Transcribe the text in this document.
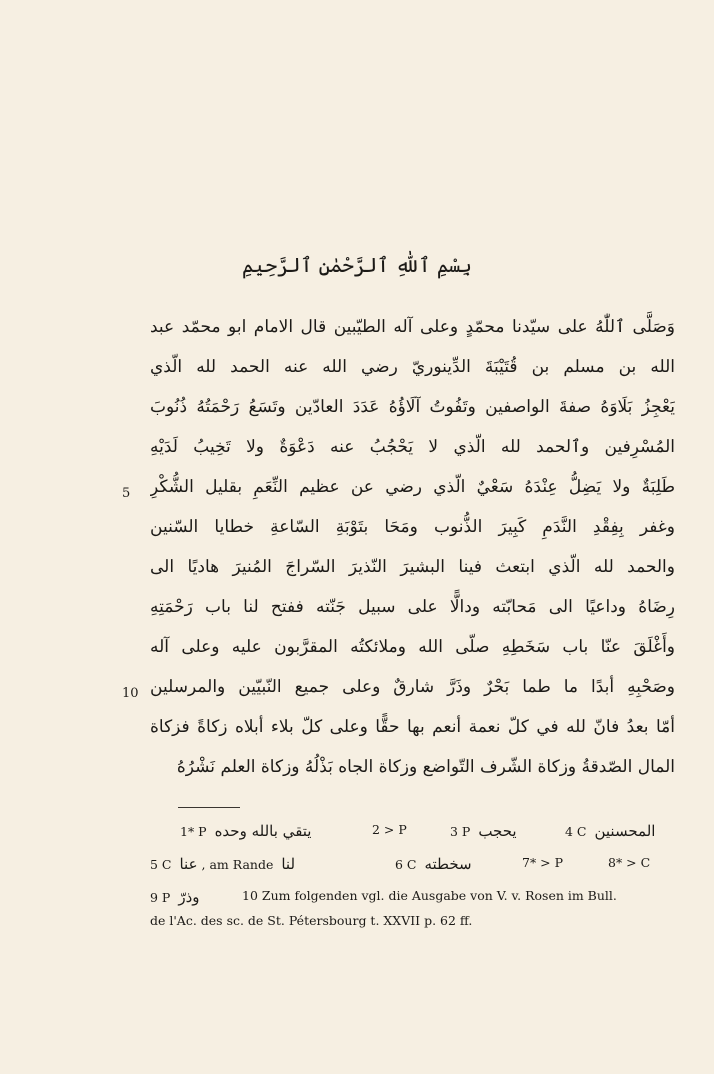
بِسْمِ ٱللّٰهِ ٱلرَّحْمٰنِ ٱلرَّحِيمِ
وَصَلَّى ٱللّٰهُ على سيّدنا محمّدٍ وعلى آله الطيّبين قال الامام ابو محمّد عبد
الله بن مسلم بن قُتَيْبَةَ الدِّينوريّ رضي الله عنه الحمد لله الّذي
يَعْجِزُ بَلَاوَهُ صفةَ الواصفين وتَفُوتُ آلَاؤُهُ عَدَدَ العادّين وتَسَعُ رَحْمَتُهُ ذُنُوبَ
المُسْرِفين وٱلحمد لله الّذي لا يَحْجُبُ عنه دَعْوَةٌ ولا تَخِيبُ لَدَيْهِ
طَلِبَةٌ ولا يَضِلُّ عِنْدَهُ سَعْيٌ الّذي رضي عن عظيم النِّعَمِ بقليل الشُّكْرِ
وغفر بِفِقْدِ النَّدَمِ كَبِيرَ الذُّنوب ومَحَا بتَوْبَةِ السّاعةِ خطايا السّنين
والحمد لله الّذي ابتعث فينا البشيرَ النّذيرَ السّراجَ المُنيرَ هاديًا الى
رِضَاهُ وداعيًا الى مَحابّته ودالًّا على سبيل جَنّته ففتح لنا باب رَحْمَتِهِ
وأَغْلَقَ عنّا باب سَخَطِهِ صلّى الله وملائكتُه المقرَّبون عليه وعلى آله
وصَحْبِهِ أبدًا ما طما بَحْرٌ وذَرَّ شارقٌ وعلى جميع النّبيّين والمرسلين
أمّا بعدُ فانّ لله في كلّ نعمة أنعم بها حقًّا وعلى كلّ بلاء أبلاه زكاةً فزكاة
المال الصّدقةُ وزكاة الشّرف التّواضع وزكاة الجاه بَذْلُهُ وزكاة العلم نَشْرُهُ
5
10
1* P يتقي بالله وحده	2 > P	3 P يحجب	4 C المحسنين
5 C عنا , am Rande لنا	6 C سخطته	7* > P	8* > C
9 P وذرّ	10 Zum folgenden vgl. die Ausgabe von V. v. Rosen im Bull.
de l'Ac. des sc. de St. Pétersbourg t. XXVII p. 62 ff.
